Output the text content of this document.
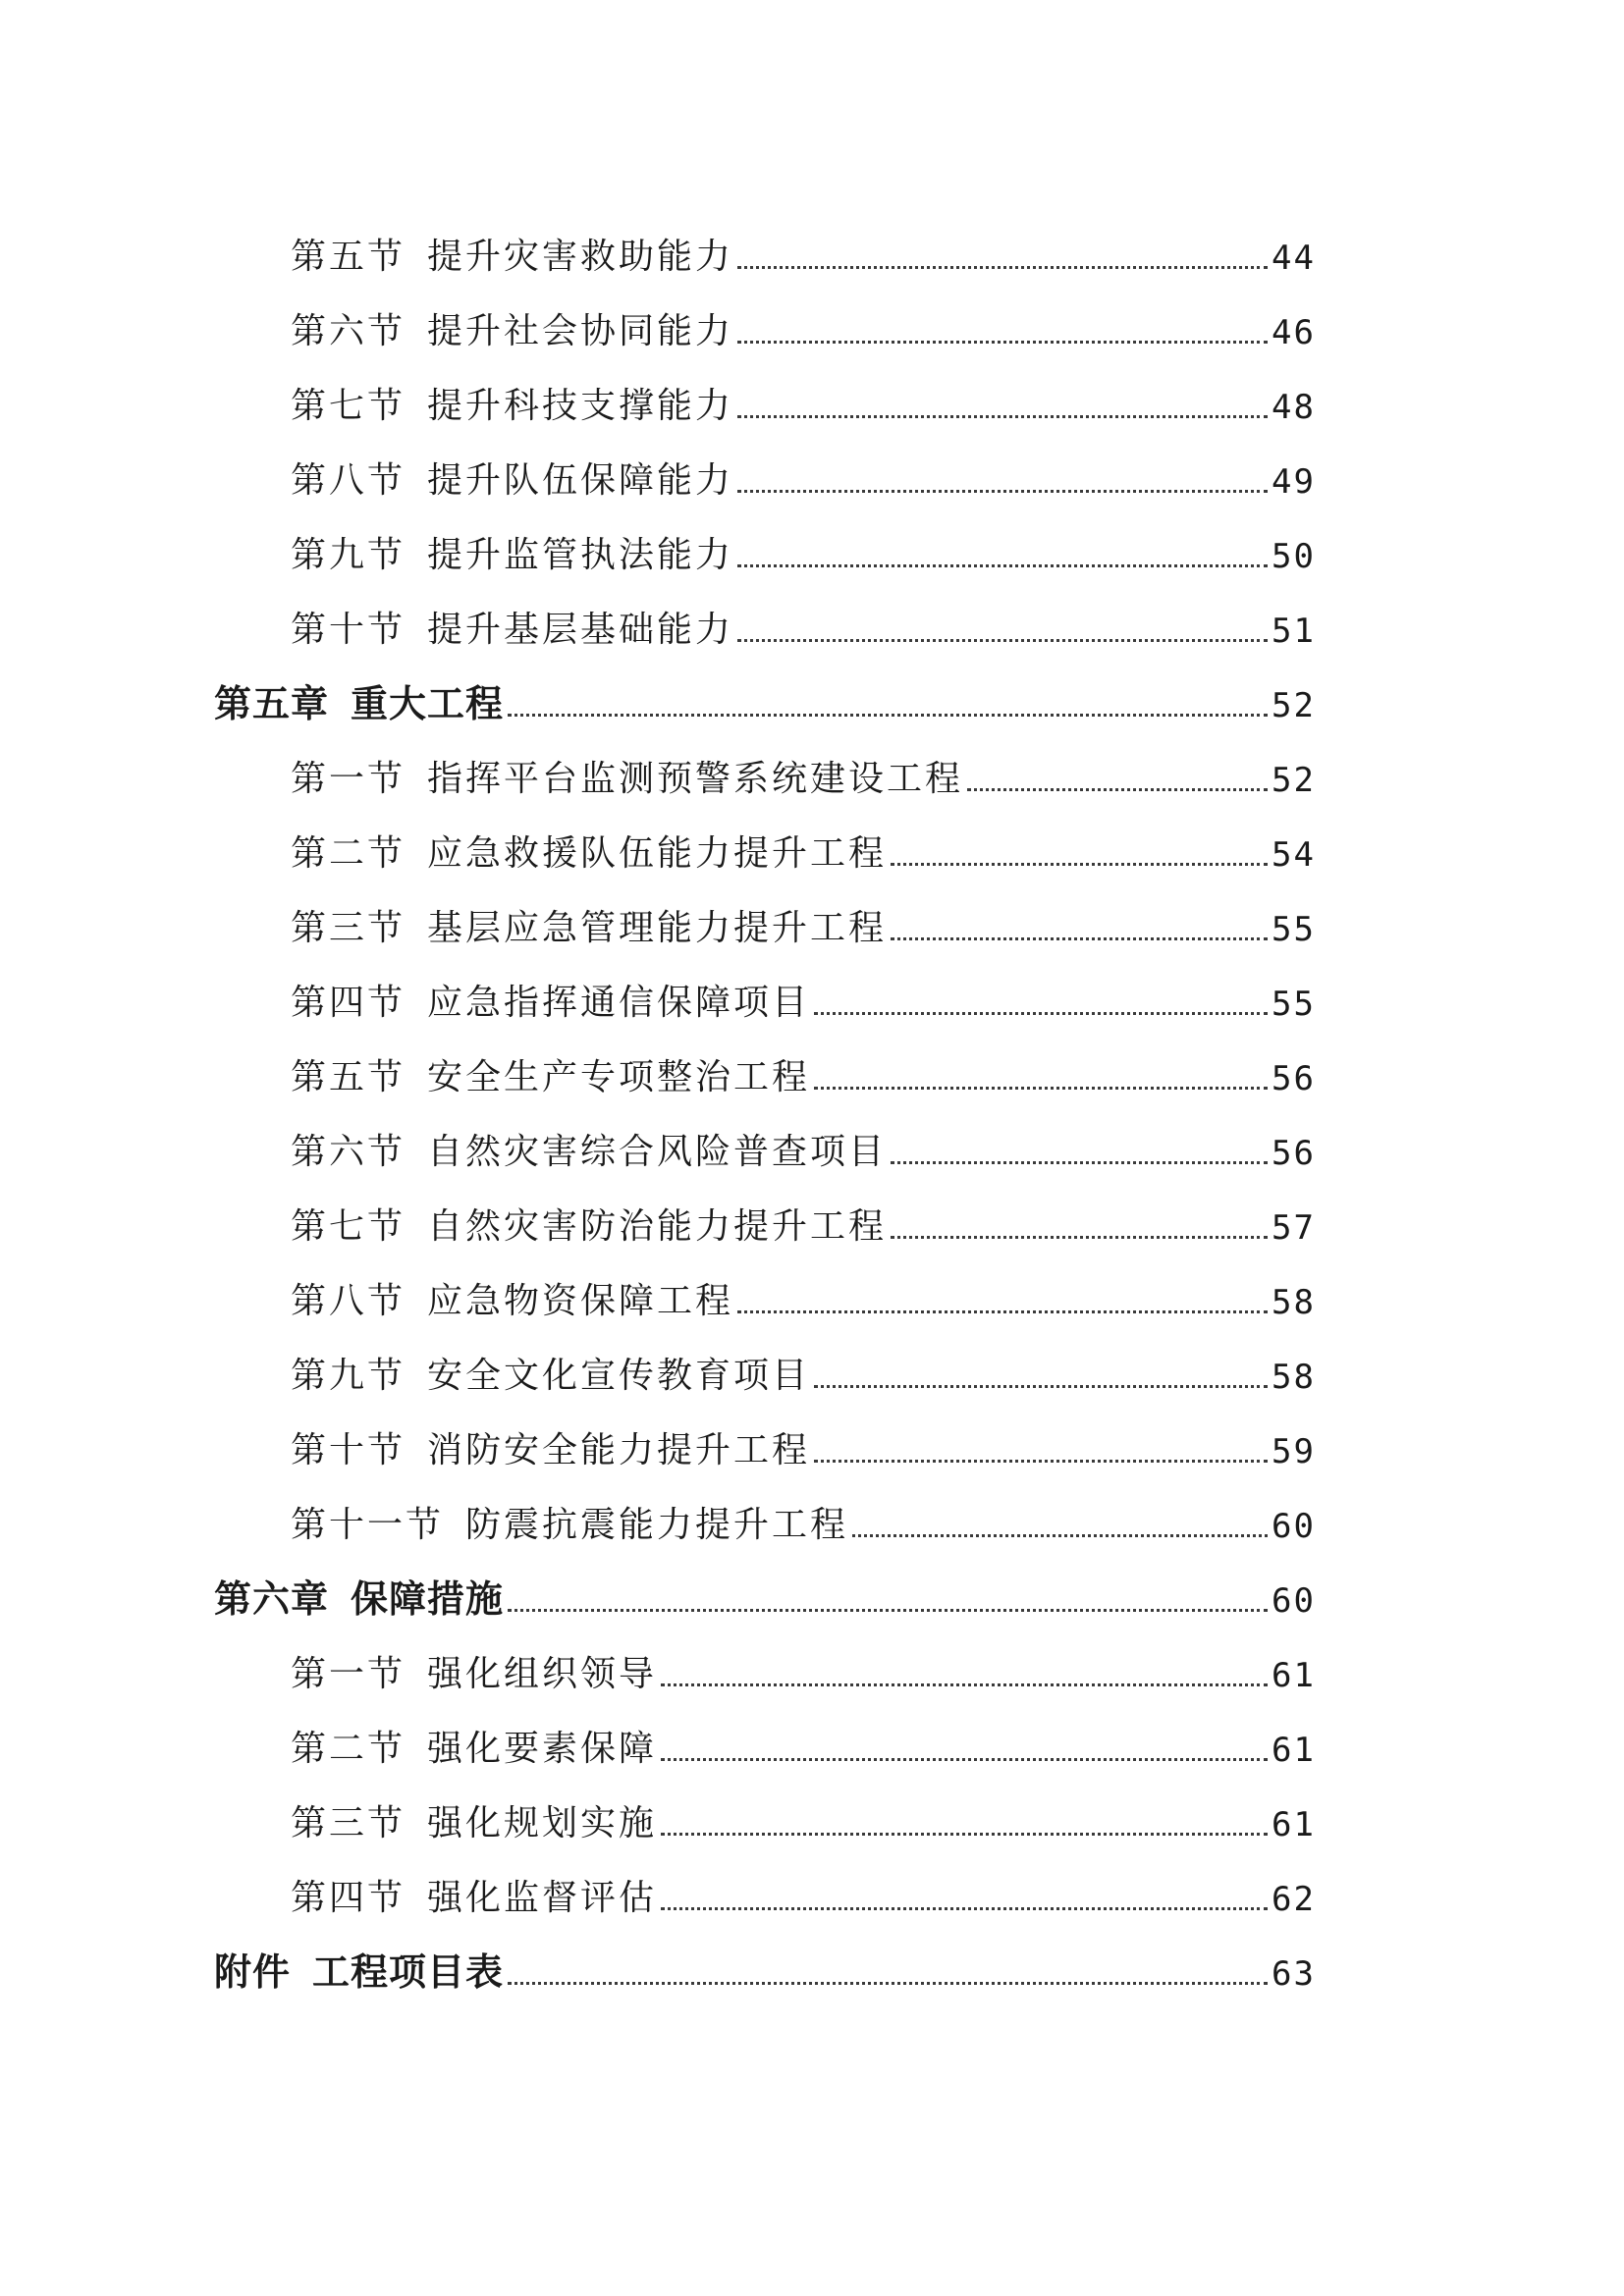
第五节 提升灾害救助能力	44
第六节 提升社会协同能力	46
第七节 提升科技支撑能力	48
第八节 提升队伍保障能力	49
第九节 提升监管执法能力	50
第十节 提升基层基础能力	51
第五章 重大工程	52
第一节 指挥平台监测预警系统建设工程	52
第二节 应急救援队伍能力提升工程	54
第三节 基层应急管理能力提升工程	55
第四节 应急指挥通信保障项目	55
第五节 安全生产专项整治工程	56
第六节 自然灾害综合风险普查项目	56
第七节 自然灾害防治能力提升工程	57
第八节 应急物资保障工程	58
第九节 安全文化宣传教育项目	58
第十节 消防安全能力提升工程	59
第十一节 防震抗震能力提升工程	60
第六章 保障措施	60
第一节 强化组织领导	61
第二节 强化要素保障	61
第三节 强化规划实施	61
第四节 强化监督评估	62
附件 工程项目表	63
